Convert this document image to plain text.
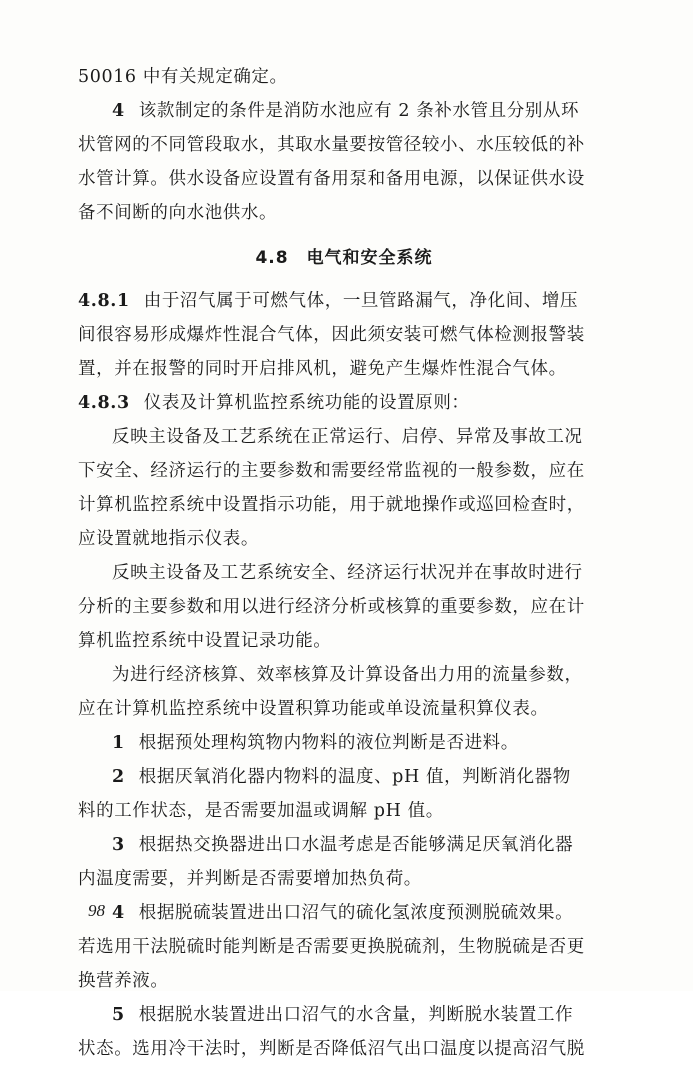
50016 中有关规定确定。
4 该款制定的条件是消防水池应有 2 条补水管且分别从环
状管网的不同管段取水，其取水量要按管径较小、水压较低的补
水管计算。供水设备应设置有备用泵和备用电源，以保证供水设
备不间断的向水池供水。
4.8 电气和安全系统
4.8.1 由于沼气属于可燃气体，一旦管路漏气，净化间、增压
间很容易形成爆炸性混合气体，因此须安装可燃气体检测报警装
置，并在报警的同时开启排风机，避免产生爆炸性混合气体。
4.8.3 仪表及计算机监控系统功能的设置原则：
反映主设备及工艺系统在正常运行、启停、异常及事故工况
下安全、经济运行的主要参数和需要经常监视的一般参数，应在
计算机监控系统中设置指示功能，用于就地操作或巡回检查时，
应设置就地指示仪表。
反映主设备及工艺系统安全、经济运行状况并在事故时进行
分析的主要参数和用以进行经济分析或核算的重要参数，应在计
算机监控系统中设置记录功能。
为进行经济核算、效率核算及计算设备出力用的流量参数，
应在计算机监控系统中设置积算功能或单设流量积算仪表。
1 根据预处理构筑物内物料的液位判断是否进料。
2 根据厌氧消化器内物料的温度、pH 值，判断消化器物
料的工作状态，是否需要加温或调解 pH 值。
3 根据热交换器进出口水温考虑是否能够满足厌氧消化器
内温度需要，并判断是否需要增加热负荷。
4 根据脱硫装置进出口沼气的硫化氢浓度预测脱硫效果。
若选用干法脱硫时能判断是否需要更换脱硫剂，生物脱硫是否更
换营养液。
5 根据脱水装置进出口沼气的水含量，判断脱水装置工作
状态。选用冷干法时，判断是否降低沼气出口温度以提高沼气脱
98
